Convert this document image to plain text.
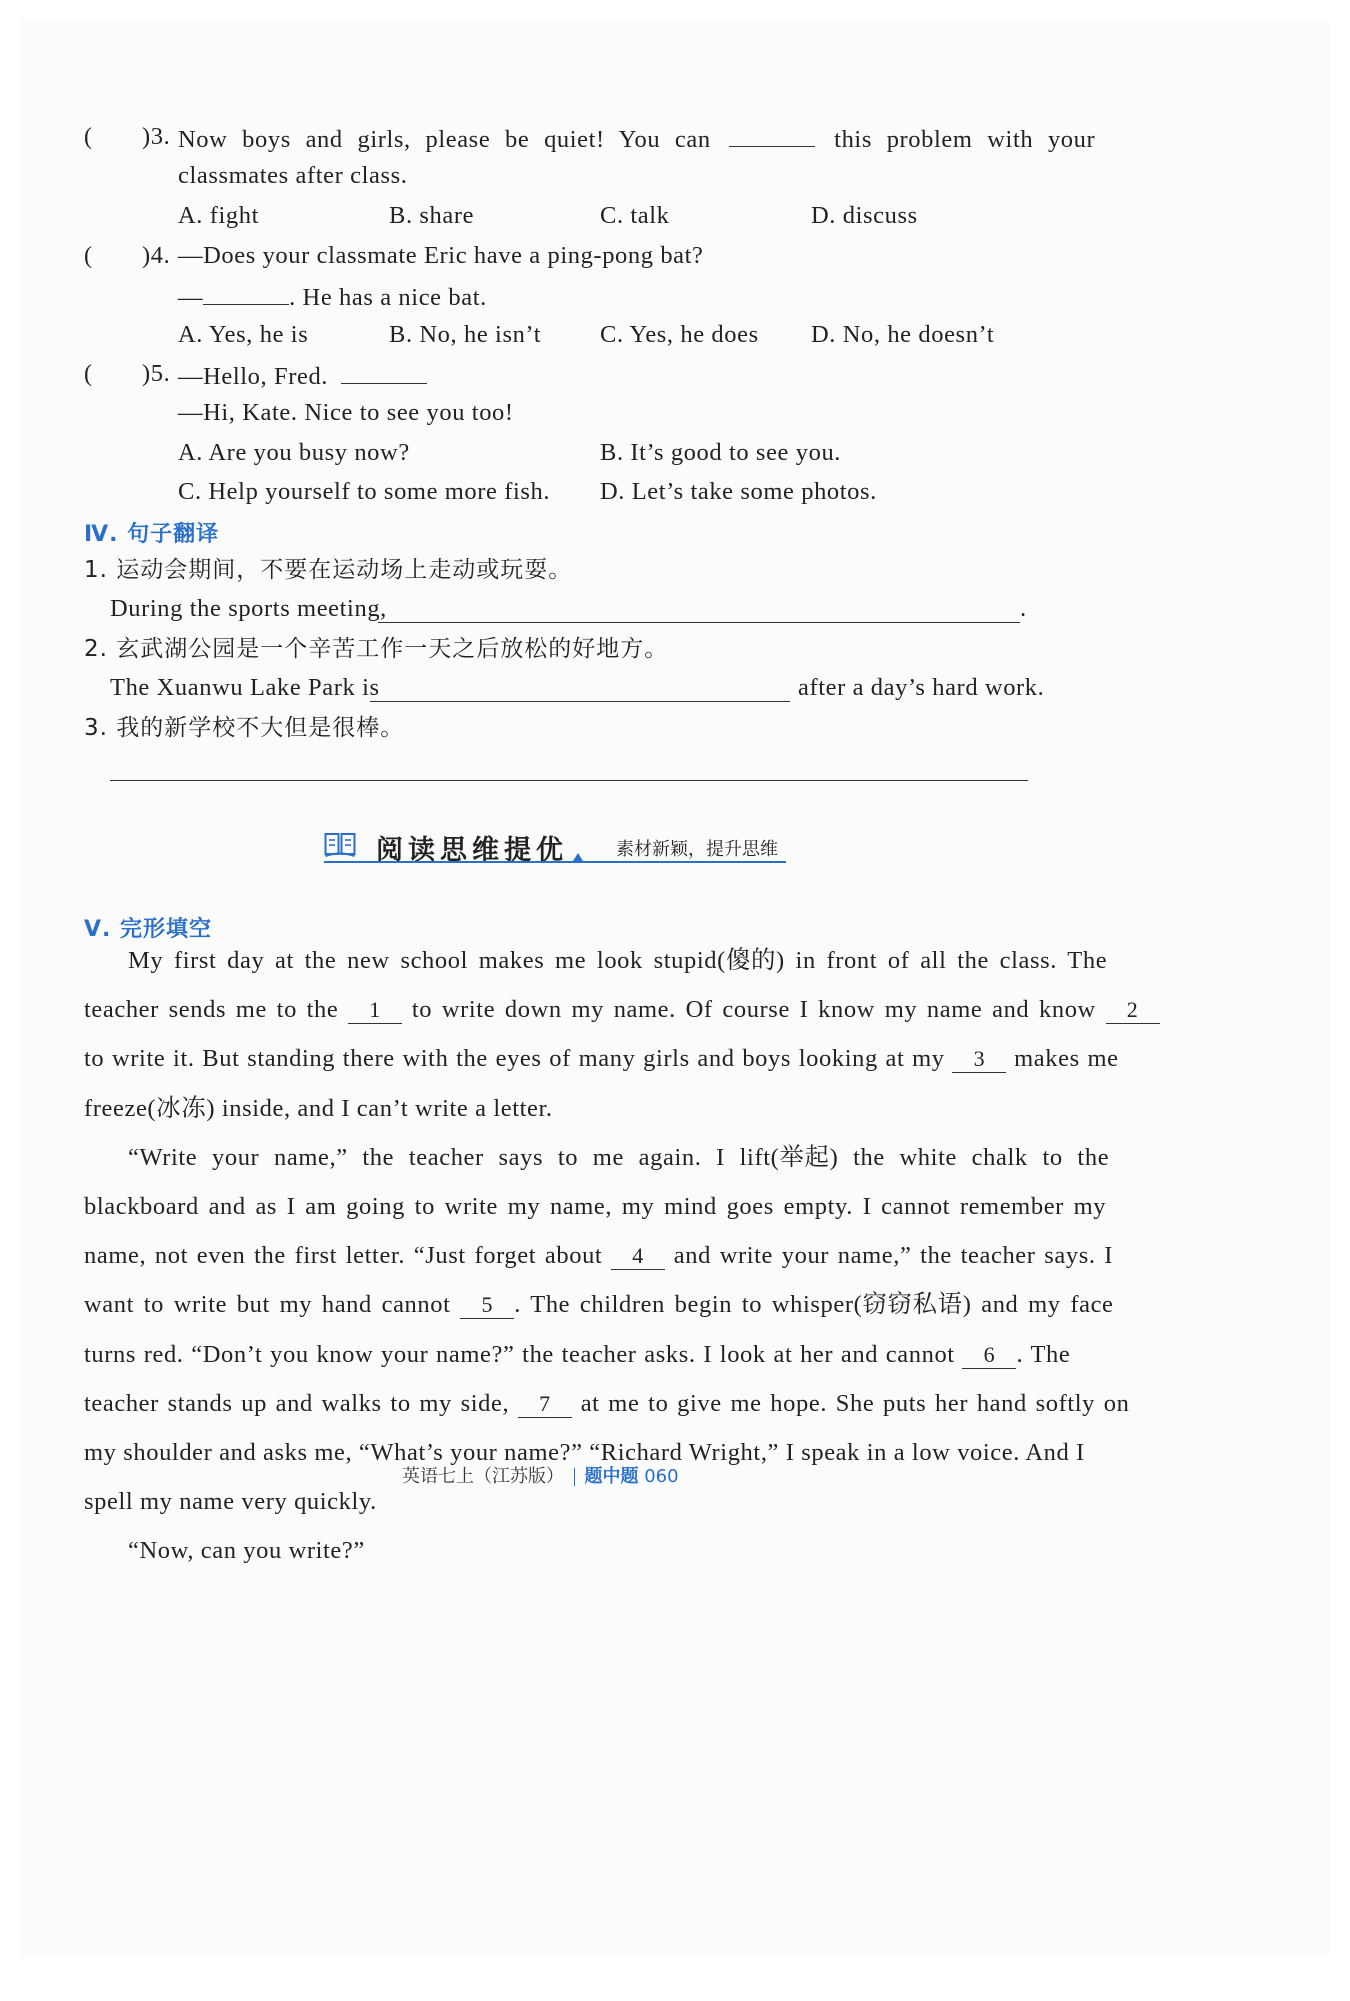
( )3. Now boys and girls, please be quiet! You can	this problem with your
classmates after class.
A. fight	B. share	C. talk	D. discuss
( )4. —Does your classmate Eric have a ping-pong bat?
—	. He has a nice bat.
A. Yes, he is	B. No, he isn’t C. Yes, he does D. No, he doesn’t
( )5. —Hello, Fred.
—Hi, Kate. Nice to see you too!
A. Are you busy now?	B. It’s good to see you.
C. Help yourself to some more fish. D. Let’s take some photos.
Ⅳ. 句子翻译
1. 运动会期间，不要在运动场上走动或玩耍。
During the sports meeting,	.
2. 玄武湖公园是一个辛苦工作一天之后放松的好地方。
The Xuanwu Lake Park is	after a day’s hard work.
3. 我的新学校不大但是很棒。
阅读思维提优	素材新颖，提升思维
Ⅴ. 完形填空
My first day at the new school makes me look stupid(傻的) in front of all the class. The
teacher sends me to the 1 to write down my name. Of course I know my name and know 2
to write it. But standing there with the eyes of many girls and boys looking at my 3 makes me
freeze(冰冻) inside, and I can’t write a letter.
“Write your name,” the teacher says to me again. I lift(举起) the white chalk to the
blackboard and as I am going to write my name, my mind goes empty. I cannot remember my
name, not even the first letter. “Just forget about 4 and write your name,” the teacher says. I
want to write but my hand cannot 5 . The children begin to whisper(窃窃私语) and my face
turns red. “Don’t you know your name?” the teacher asks. I look at her and cannot 6 . The
teacher stands up and walks to my side, 7 at me to give me hope. She puts her hand softly on
my shoulder and asks me, “What’s your name?” “Richard Wright,” I speak in a low voice. And I
spell my name very quickly.
“Now, can you write?”
英语七上（江苏版） 题中题 060
